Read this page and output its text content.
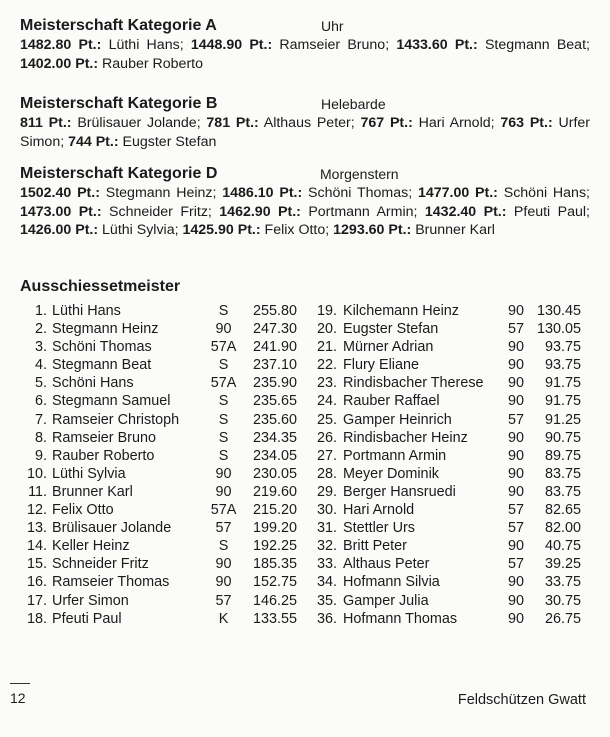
Meisterschaft Kategorie A	Uhr

1482.80 Pt.: Lüthi Hans; 1448.90 Pt.: Ramseier Bruno; 1433.60 Pt.: Stegmann Beat; 1402.00 Pt.: Rauber Roberto

Meisterschaft Kategorie B	Helebarde

811 Pt.: Brülisauer Jolande; 781 Pt.: Althaus Peter; 767 Pt.: Hari Arnold; 763 Pt.: Urfer Simon; 744 Pt.: Eugster Stefan

Meisterschaft Kategorie D	Morgenstern

1502.40 Pt.: Stegmann Heinz; 1486.10 Pt.: Schöni Thomas; 1477.00 Pt.: Schöni Hans; 1473.00 Pt.: Schneider Fritz; 1462.90 Pt.: Portmann Armin; 1432.40 Pt.: Pfeuti Paul; 1426.00 Pt.: Lüthi Sylvia; 1425.90 Pt.: Felix Otto; 1293.60 Pt.: Brunner Karl

Ausschiessetmeister
1.	Lüthi Hans	S	255.80
2.	Stegmann Heinz	90	247.30
3.	Schöni Thomas	57A	241.90
4.	Stegmann Beat	S	237.10
5.	Schöni Hans	57A	235.90
6.	Stegmann Samuel	S	235.65
7.	Ramseier Christoph	S	235.60
8.	Ramseier Bruno	S	234.35
9.	Rauber Roberto	S	234.05
10.	Lüthi Sylvia	90	230.05
11.	Brunner Karl	90	219.60
12.	Felix Otto	57A	215.20
13.	Brülisauer Jolande	57	199.20
14.	Keller Heinz	S	192.25
15.	Schneider Fritz	90	185.35
16.	Ramseier Thomas	90	152.75
17.	Urfer Simon	57	146.25
18.	Pfeuti Paul	K	133.55
19.	Kilchemann Heinz	90	130.45
20.	Eugster Stefan	57	130.05
21.	Mürner Adrian	90	93.75
22.	Flury Eliane	90	93.75
23.	Rindisbacher Therese	90	91.75
24.	Rauber Raffael	90	91.75
25.	Gamper Heinrich	57	91.25
26.	Rindisbacher Heinz	90	90.75
27.	Portmann Armin	90	89.75
28.	Meyer Dominik	90	83.75
29.	Berger Hansruedi	90	83.75
30.	Hari Arnold	57	82.65
31.	Stettler Urs	57	82.00
32.	Britt Peter	90	40.75
33.	Althaus Peter	57	39.25
34.	Hofmann Silvia	90	33.75
35.	Gamper Julia	90	30.75
36.	Hofmann Thomas	90	26.75
12	Feldschützen Gwatt
